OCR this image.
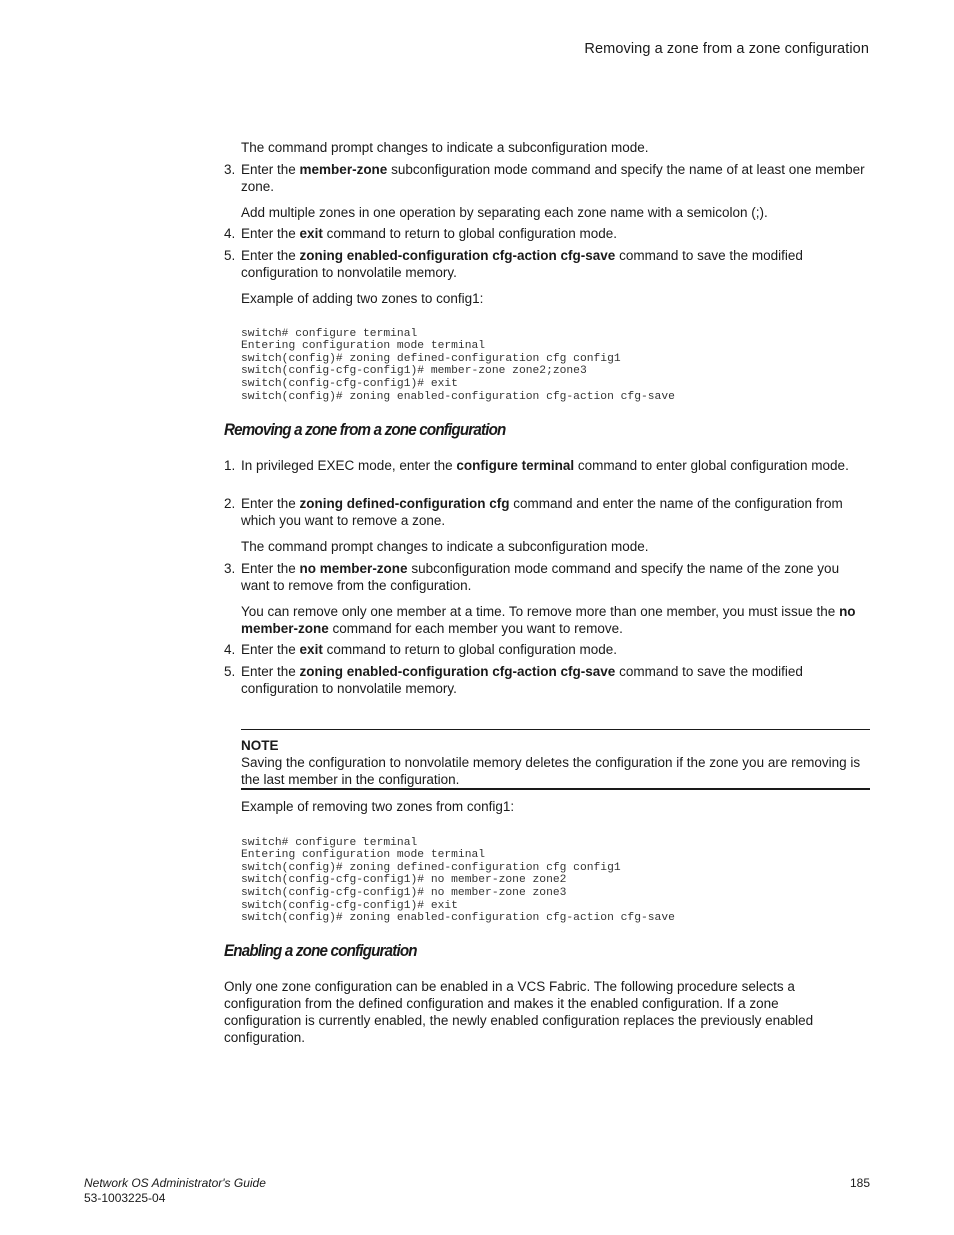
Removing a zone from a zone configuration
The command prompt changes to indicate a subconfiguration mode.
3. Enter the member-zone subconfiguration mode command and specify the name of at least one member zone.
Add multiple zones in one operation by separating each zone name with a semicolon (;).
4. Enter the exit command to return to global configuration mode.
5. Enter the zoning enabled-configuration cfg-action cfg-save command to save the modified configuration to nonvolatile memory.
Example of adding two zones to config1:

switch# configure terminal
Entering configuration mode terminal
switch(config)# zoning defined-configuration cfg config1
switch(config-cfg-config1)# member-zone zone2;zone3
switch(config-cfg-config1)# exit
switch(config)# zoning enabled-configuration cfg-action cfg-save

Removing a zone from a zone configuration
1. In privileged EXEC mode, enter the configure terminal command to enter global configuration mode.
2. Enter the zoning defined-configuration cfg command and enter the name of the configuration from which you want to remove a zone.
The command prompt changes to indicate a subconfiguration mode.
3. Enter the no member-zone subconfiguration mode command and specify the name of the zone you want to remove from the configuration.
You can remove only one member at a time. To remove more than one member, you must issue the no member-zone command for each member you want to remove.
4. Enter the exit command to return to global configuration mode.
5. Enter the zoning enabled-configuration cfg-action cfg-save command to save the modified configuration to nonvolatile memory.
NOTE
Saving the configuration to nonvolatile memory deletes the configuration if the zone you are removing is the last member in the configuration.
Example of removing two zones from config1:

switch# configure terminal
Entering configuration mode terminal
switch(config)# zoning defined-configuration cfg config1
switch(config-cfg-config1)# no member-zone zone2
switch(config-cfg-config1)# no member-zone zone3
switch(config-cfg-config1)# exit
switch(config)# zoning enabled-configuration cfg-action cfg-save

Enabling a zone configuration
Only one zone configuration can be enabled in a VCS Fabric. The following procedure selects a configuration from the defined configuration and makes it the enabled configuration. If a zone configuration is currently enabled, the newly enabled configuration replaces the previously enabled configuration.
Network OS Administrator's Guide
53-1003225-04
185
